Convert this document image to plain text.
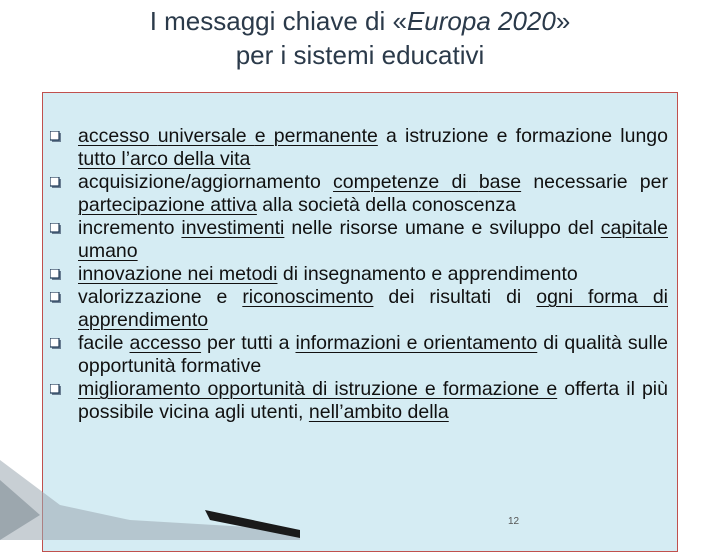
I messaggi chiave di «Europa 2020»
per i sistemi educativi
accesso universale e permanente a istruzione e formazione lungo tutto l’arco della vita
acquisizione/aggiornamento competenze di base necessarie per partecipazione attiva alla società della conoscenza
incremento investimenti nelle risorse umane e sviluppo del capitale umano
innovazione nei metodi di insegnamento e apprendimento
valorizzazione e riconoscimento dei risultati di ogni forma di apprendimento
facile accesso per tutti a informazioni e orientamento di qualità sulle opportunità formative
miglioramento opportunità di istruzione e formazione e offerta il più possibile vicina agli utenti, nell’ambito della
12
